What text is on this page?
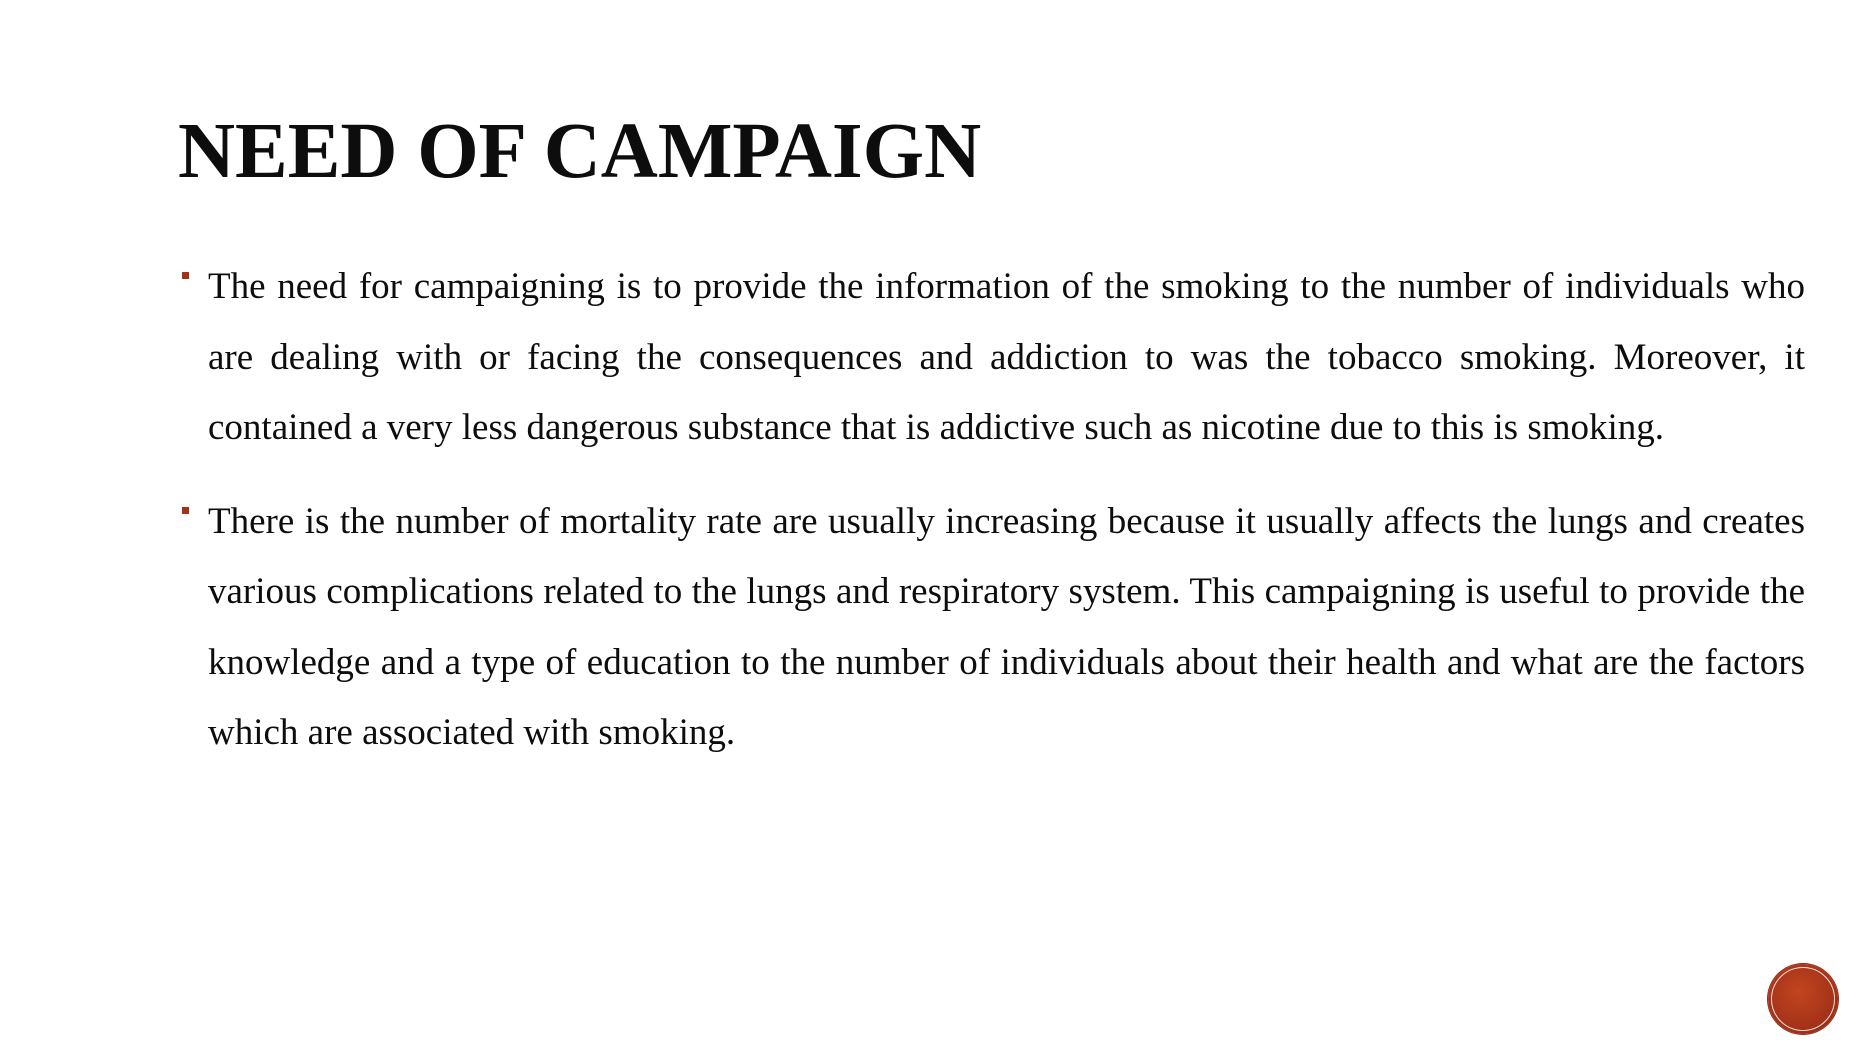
NEED OF CAMPAIGN
The need for campaigning is to provide the information of the smoking to the number of individuals who are dealing with or facing the consequences and addiction to was the tobacco smoking. Moreover, it contained a very less dangerous substance that is addictive such as nicotine due to this is smoking.
There is the number of mortality rate are usually increasing because it usually affects the lungs and creates various complications related to the lungs and respiratory system. This campaigning is useful to provide the knowledge and a type of education to the number of individuals about their health and what are the factors which are associated with smoking.
